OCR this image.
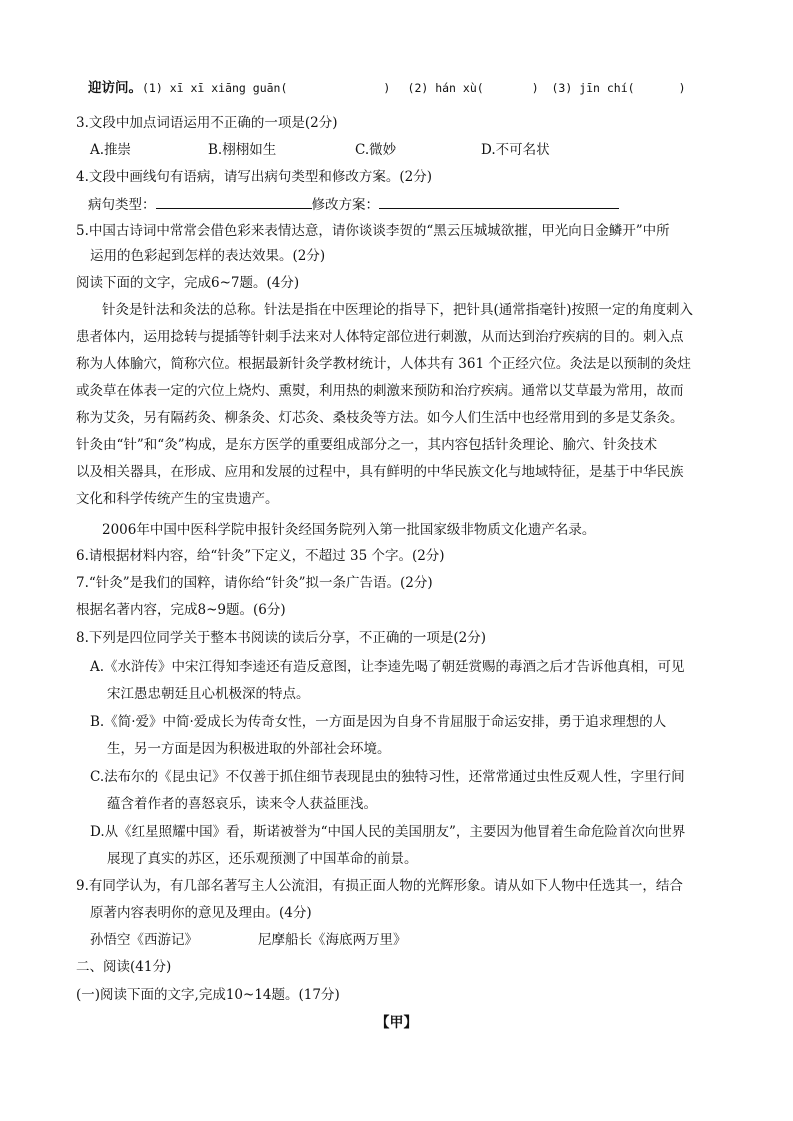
迎访问。(1) xī xī xiāng guān(	) (2) hán xù(	) (3) jīn chí(	)
3.文段中加点词语运用不正确的一项是(2分)
A.推崇	B.栩栩如生	C.微妙	D.不可名状
4.文段中画线句有语病，请写出病句类型和修改方案。(2分)
病句类型：	修改方案：
5.中国古诗词中常常会借色彩来表情达意，请你谈谈李贺的“黑云压城城欲摧，甲光向日金鳞开”中所
运用的色彩起到怎样的表达效果。(2分)
阅读下面的文字，完成6~7题。(4分)
针灸是针法和灸法的总称。针法是指在中医理论的指导下，把针具(通常指毫针)按照一定的角度刺入
患者体内，运用捻转与提插等针刺手法来对人体特定部位进行刺激，从而达到治疗疾病的目的。刺入点
称为人体腧穴，简称穴位。根据最新针灸学教材统计，人体共有 361 个正经穴位。灸法是以预制的灸炷
或灸草在体表一定的穴位上烧灼、熏熨，利用热的刺激来预防和治疗疾病。通常以艾草最为常用，故而
称为艾灸，另有隔药灸、柳条灸、灯芯灸、桑枝灸等方法。如今人们生活中也经常用到的多是艾条灸。
针灸由“针”和“灸”构成，是东方医学的重要组成部分之一，其内容包括针灸理论、腧穴、针灸技术
以及相关器具，在形成、应用和发展的过程中，具有鲜明的中华民族文化与地域特征，是基于中华民族
文化和科学传统产生的宝贵遗产。
2006年中国中医科学院申报针灸经国务院列入第一批国家级非物质文化遗产名录。
6.请根据材料内容，给“针灸”下定义，不超过 35 个字。(2分)
7.“针灸”是我们的国粹，请你给“针灸”拟一条广告语。(2分)
根据名著内容，完成8~9题。(6分)
8.下列是四位同学关于整本书阅读的读后分享，不正确的一项是(2分)
A.《水浒传》中宋江得知李逵还有造反意图，让李逵先喝了朝廷赏赐的毒酒之后才告诉他真相，可见
宋江愚忠朝廷且心机极深的特点。
B.《简·爱》中简·爱成长为传奇女性，一方面是因为自身不肯屈服于命运安排，勇于追求理想的人
生，另一方面是因为积极进取的外部社会环境。
C.法布尔的《昆虫记》不仅善于抓住细节表现昆虫的独特习性，还常常通过虫性反观人性，字里行间
蕴含着作者的喜怒哀乐，读来令人获益匪浅。
D.从《红星照耀中国》看，斯诺被誉为“中国人民的美国朋友”，主要因为他冒着生命危险首次向世界
展现了真实的苏区，还乐观预测了中国革命的前景。
9.有同学认为，有几部名著写主人公流泪，有损正面人物的光辉形象。请从如下人物中任选其一，结合
原著内容表明你的意见及理由。(4分)
孙悟空《西游记》	尼摩船长《海底两万里》
二、阅读(41分)
(一)阅读下面的文字,完成10~14题。(17分)
【甲】
